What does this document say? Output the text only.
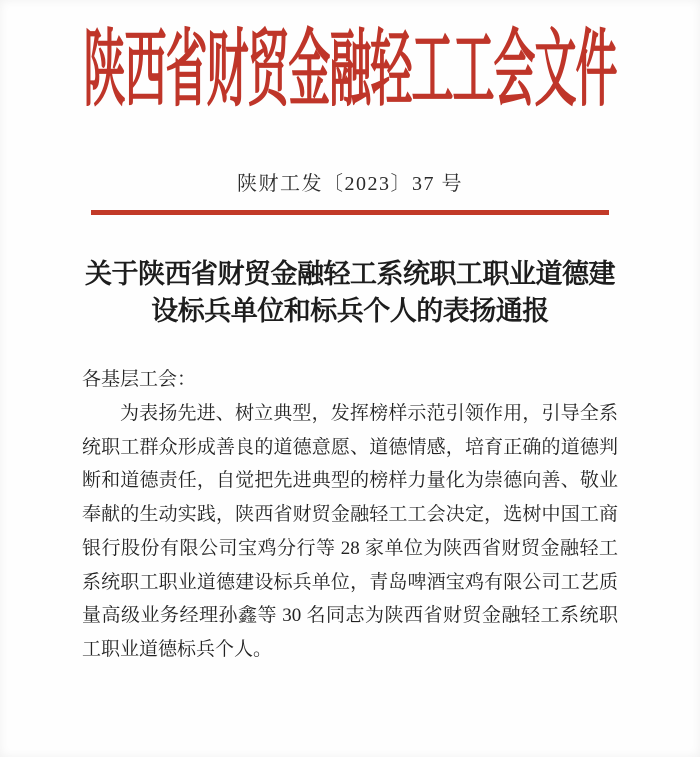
陕西省财贸金融轻工工会文件
陕财工发〔2023〕37 号
关于陕西省财贸金融轻工系统职工职业道德建
设标兵单位和标兵个人的表扬通报
各基层工会：
为表扬先进、树立典型，发挥榜样示范引领作用，引导全系
统职工群众形成善良的道德意愿、道德情感，培育正确的道德判
断和道德责任，自觉把先进典型的榜样力量化为崇德向善、敬业
奉献的生动实践，陕西省财贸金融轻工工会决定，选树中国工商
银行股份有限公司宝鸡分行等 28 家单位为陕西省财贸金融轻工
系统职工职业道德建设标兵单位，青岛啤酒宝鸡有限公司工艺质
量高级业务经理孙鑫等 30 名同志为陕西省财贸金融轻工系统职
工职业道德标兵个人。
